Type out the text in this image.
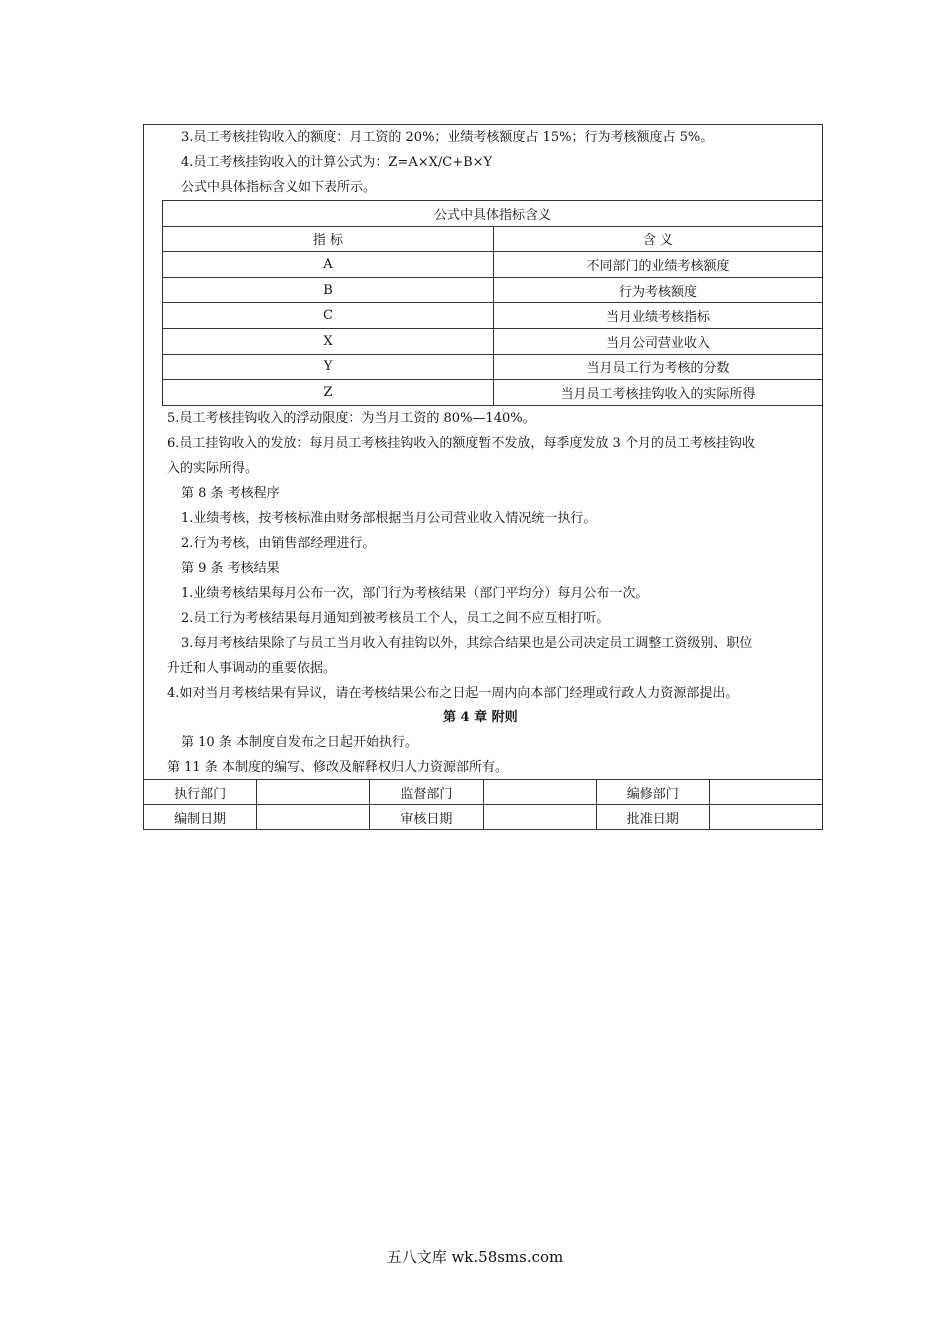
3.员工考核挂钩收入的额度：月工资的 20%；业绩考核额度占 15%；行为考核额度占 5%。
4.员工考核挂钩收入的计算公式为：Z=A×X/C+B×Y
公式中具体指标含义如下表所示。
公式中具体指标含义	
指 标	含 义
A	不同部门的业绩考核额度
B	行为考核额度
C	当月业绩考核指标
X	当月公司营业收入
Y	当月员工行为考核的分数
Z	当月员工考核挂钩收入的实际所得
5.员工考核挂钩收入的浮动限度：为当月工资的 80%—140%。
6.员工挂钩收入的发放：每月员工考核挂钩收入的额度暂不发放，每季度发放 3 个月的员工考核挂钩收
入的实际所得。
第 8 条 考核程序
1.业绩考核，按考核标准由财务部根据当月公司营业收入情况统一执行。
2.行为考核，由销售部经理进行。
第 9 条 考核结果
1.业绩考核结果每月公布一次，部门行为考核结果（部门平均分）每月公布一次。
2.员工行为考核结果每月通知到被考核员工个人，员工之间不应互相打听。
3.每月考核结果除了与员工当月收入有挂钩以外，其综合结果也是公司决定员工调整工资级别、职位
升迁和人事调动的重要依据。
4.如对当月考核结果有异议，请在考核结果公布之日起一周内向本部门经理或行政人力资源部提出。
第 4 章 附则
第 10 条 本制度自发布之日起开始执行。
第 11 条 本制度的编写、修改及解释权归人力资源部所有。
执行部门		监督部门		编修部门	
编制日期		审核日期		批准日期	
五八文库 wk.58sms.com
